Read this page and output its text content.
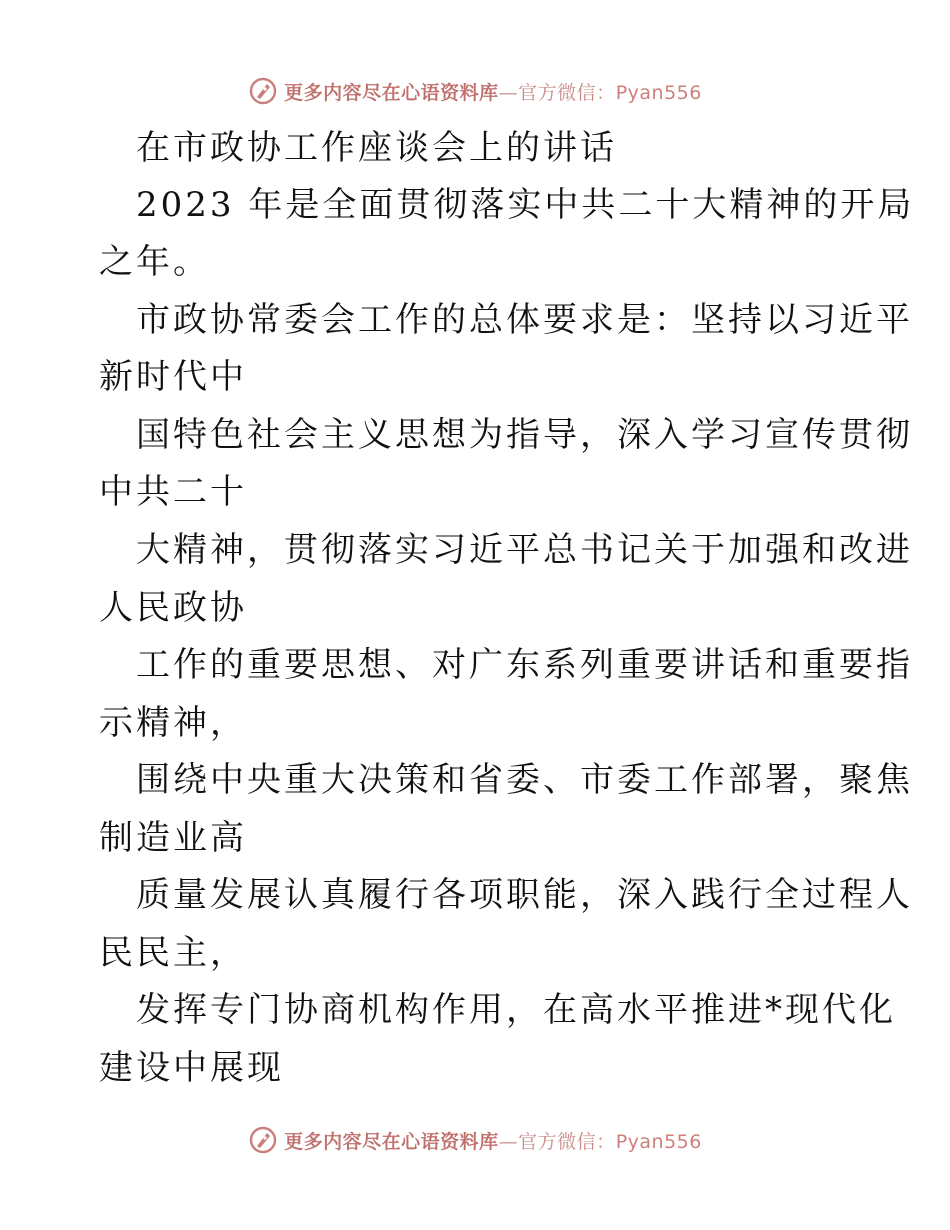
更多内容尽在心语资料库—官方微信：Pyan556
在市政协工作座谈会上的讲话
2023 年是全面贯彻落实中共二十大精神的开局
之年。
市政协常委会工作的总体要求是：坚持以习近平
新时代中
国特色社会主义思想为指导，深入学习宣传贯彻
中共二十
大精神，贯彻落实习近平总书记关于加强和改进
人民政协
工作的重要思想、对广东系列重要讲话和重要指
示精神，
围绕中央重大决策和省委、市委工作部署，聚焦
制造业高
质量发展认真履行各项职能，深入践行全过程人
民民主，
发挥专门协商机构作用，在高水平推进*现代化
建设中展现
更多内容尽在心语资料库—官方微信：Pyan556
